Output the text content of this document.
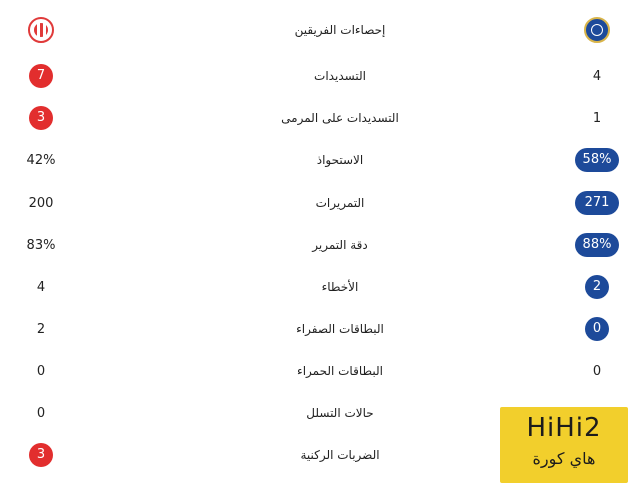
إحصاءات الفريقين
7	التسديدات	4
3	التسديدات على المرمى	1
42%	الاستحواذ	58%
200	التمريرات	271
83%	دقة التمرير	88%
4	الأخطاء	2
2	البطاقات الصفراء	0
0	البطاقات الحمراء	0
0	حالات التسلل
3	الضربات الركنية
HiHi2
هاي كورة
